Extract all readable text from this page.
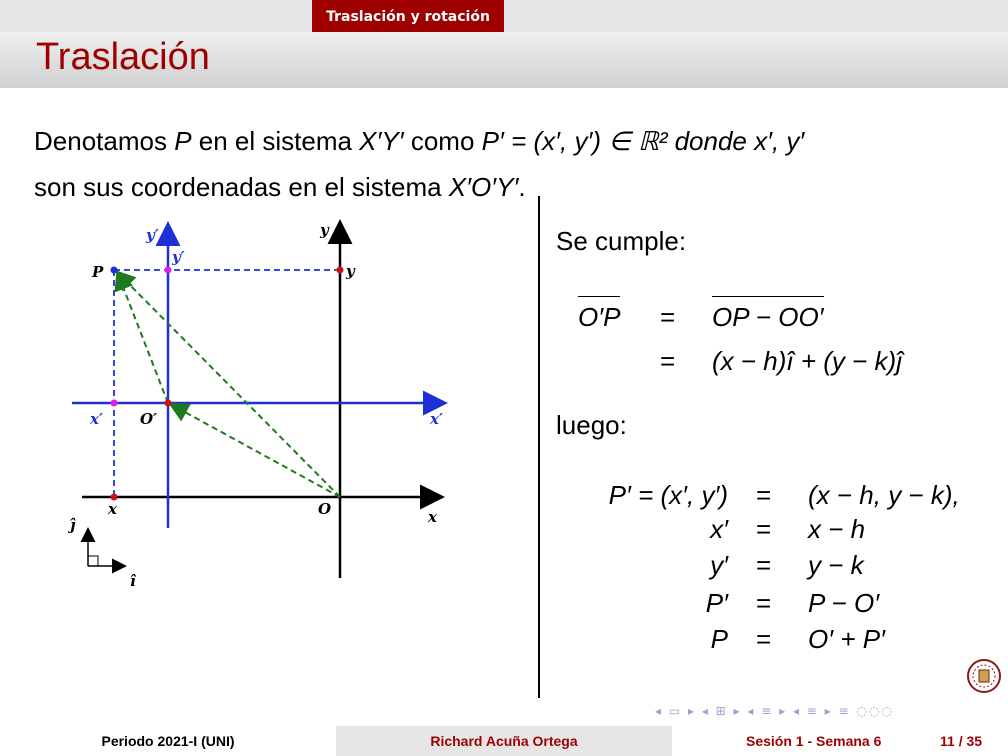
Traslación y rotación
Traslación
Denotamos P en el sistema X′Y′ como P′ = (x′, y′) ∈ ℝ² donde x′, y′
son sus coordenadas en el sistema X′O′Y′.
y′	y
P
y′
y
x′ O′	x′
ĵ
x	O	x
î
Se cumple:
O′P = OP − OO′
= (x − h)î + (y − k)ĵ
luego:
P′ = (x′, y′) = (x − h, y − k),
x′ = x − h
y′ = y − k
P′ = P − O′
P = O′ + P′
◂ ▭ ▸ ◂ ⊞ ▸ ◂ ≡ ▸ ◂ ≡ ▸ ≡ ◌◌◌
Periodo 2021-I (UNI)	Richard Acuña Ortega	Sesión 1 - Semana 6	11 / 35
